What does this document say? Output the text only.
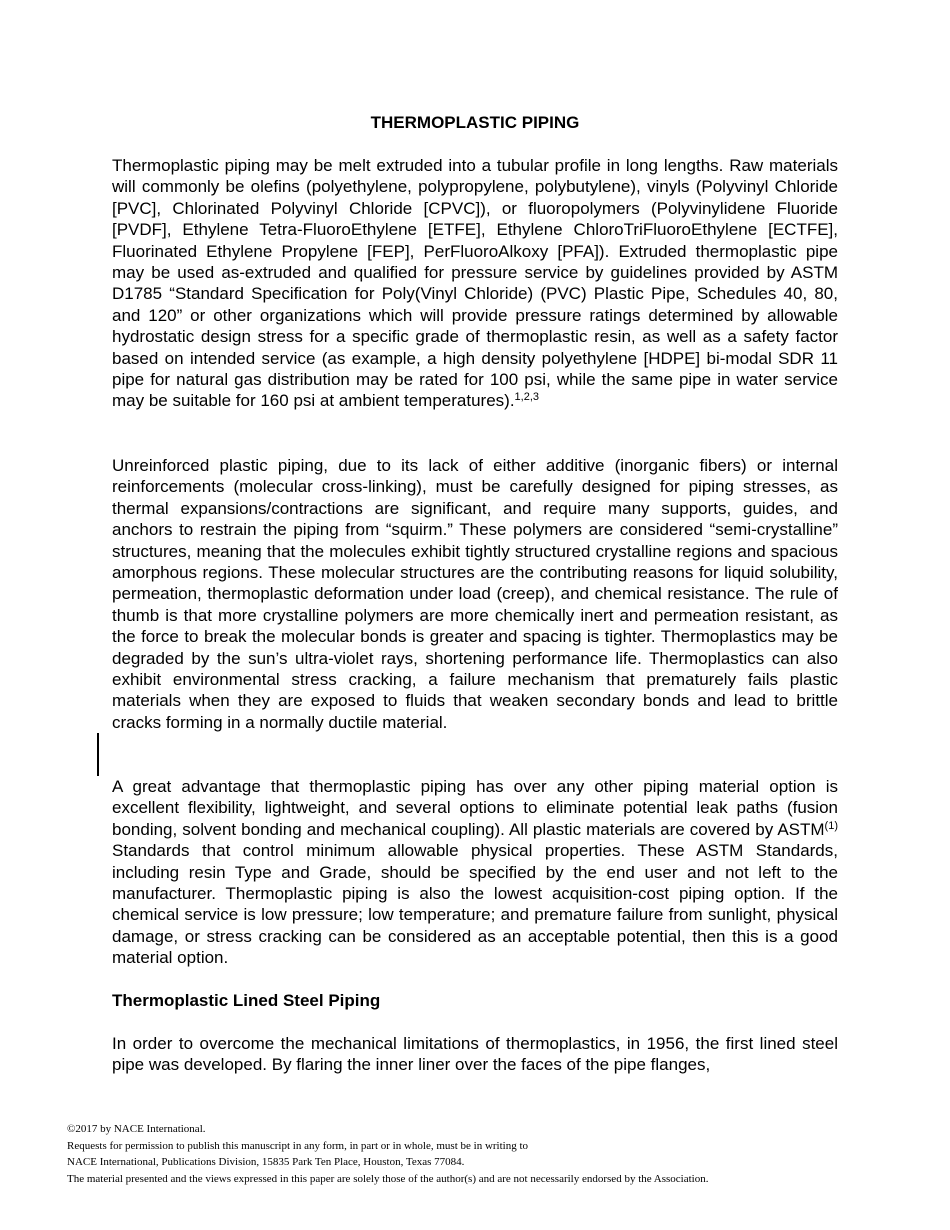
THERMOPLASTIC PIPING

Thermoplastic piping may be melt extruded into a tubular profile in long lengths. Raw materials will commonly be olefins (polyethylene, polypropylene, polybutylene), vinyls (Polyvinyl Chloride [PVC], Chlorinated Polyvinyl Chloride [CPVC]), or fluoropolymers (Polyvinylidene Fluoride [PVDF], Ethylene Tetra-FluoroEthylene [ETFE], Ethylene ChloroTriFluoroEthylene [ECTFE], Fluorinated Ethylene Propylene [FEP], PerFluoroAlkoxy [PFA]). Extruded thermoplastic pipe may be used as-extruded and qualified for pressure service by guidelines provided by ASTM D1785 “Standard Specification for Poly(Vinyl Chloride) (PVC) Plastic Pipe, Schedules 40, 80, and 120” or other organizations which will provide pressure ratings determined by allowable hydrostatic design stress for a specific grade of thermoplastic resin, as well as a safety factor based on intended service (as example, a high density polyethylene [HDPE] bi-modal SDR 11 pipe for natural gas distribution may be rated for 100 psi, while the same pipe in water service may be suitable for 160 psi at ambient temperatures).$^{1,2,3}$

Unreinforced plastic piping, due to its lack of either additive (inorganic fibers) or internal reinforcements (molecular cross-linking), must be carefully designed for piping stresses, as thermal expansions/contractions are significant, and require many supports, guides, and anchors to restrain the piping from “squirm.” These polymers are considered “semi-crystalline” structures, meaning that the molecules exhibit tightly structured crystalline regions and spacious amorphous regions. These molecular structures are the contributing reasons for liquid solubility, permeation, thermoplastic deformation under load (creep), and chemical resistance. The rule of thumb is that more crystalline polymers are more chemically inert and permeation resistant, as the force to break the molecular bonds is greater and spacing is tighter. Thermoplastics may be degraded by the sun’s ultra-violet rays, shortening performance life. Thermoplastics can also exhibit environmental stress cracking, a failure mechanism that prematurely fails plastic materials when they are exposed to fluids that weaken secondary bonds and lead to brittle cracks forming in a normally ductile material.

A great advantage that thermoplastic piping has over any other piping material option is excellent flexibility, lightweight, and several options to eliminate potential leak paths (fusion bonding, solvent bonding and mechanical coupling). All plastic materials are covered by ASTM$^{(1)}$ Standards that control minimum allowable physical properties. These ASTM Standards, including resin Type and Grade, should be specified by the end user and not left to the manufacturer. Thermoplastic piping is also the lowest acquisition-cost piping option. If the chemical service is low pressure; low temperature; and premature failure from sunlight, physical damage, or stress cracking can be considered as an acceptable potential, then this is a good material option.

Thermoplastic Lined Steel Piping

In order to overcome the mechanical limitations of thermoplastics, in 1956, the first lined steel pipe was developed. By flaring the inner liner over the faces of the pipe flanges,

©2017 by NACE International.
Requests for permission to publish this manuscript in any form, in part or in whole, must be in writing to
NACE International, Publications Division, 15835 Park Ten Place, Houston, Texas 77084.
The material presented and the views expressed in this paper are solely those of the author(s) and are not necessarily endorsed by the Association.
